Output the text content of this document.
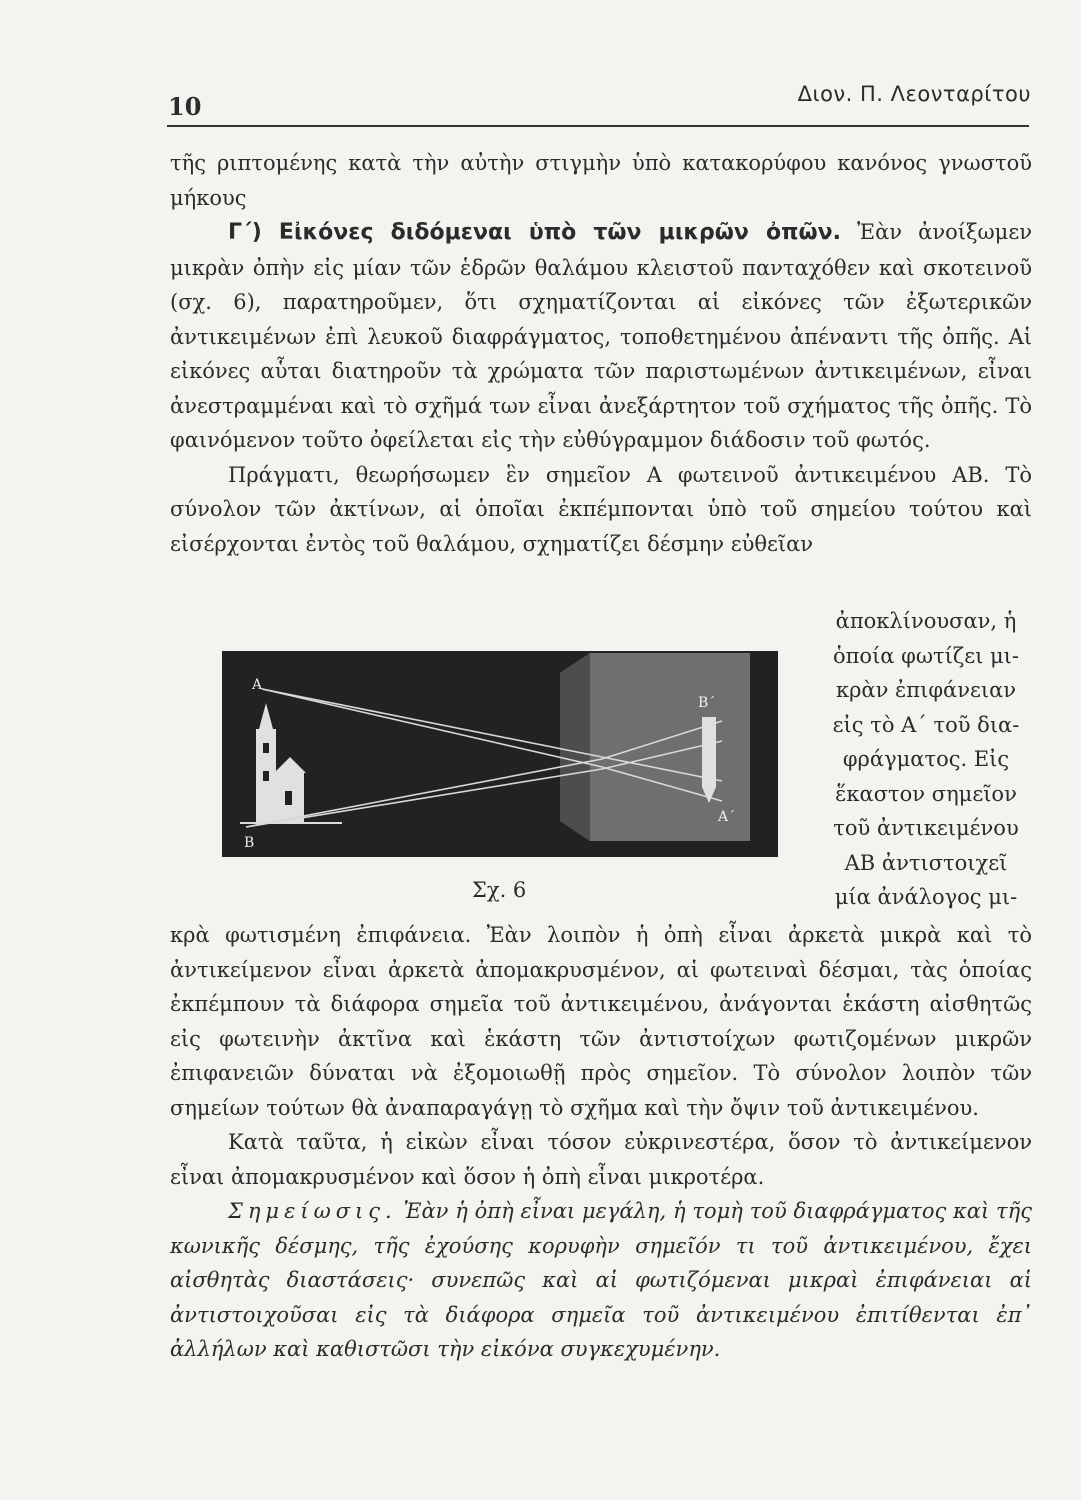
10	Διον. Π. Λεονταρίτου

τῆς ριπτομένης κατὰ τὴν αὐτὴν στιγμὴν ὑπὸ κατακορύφου κανόνος γνωστοῦ μήκους

Γ΄) Εἰκόνες διδόμεναι ὑπὸ τῶν μικρῶν ὀπῶν. Ἐὰν ἀνοίξωμεν μικρὰν ὀπὴν εἰς μίαν τῶν ἑδρῶν θαλάμου κλειστοῦ πανταχόθεν καὶ σκοτεινοῦ (σχ. 6), παρατηροῦμεν, ὅτι σχηματίζονται αἱ εἰκόνες τῶν ἐξωτερικῶν ἀντικειμένων ἐπὶ λευκοῦ διαφράγματος, τοποθετημένου ἀπέναντι τῆς ὀπῆς. Αἱ εἰκόνες αὗται διατηροῦν τὰ χρώματα τῶν παριστωμένων ἀντικειμένων, εἶναι ἀνεστραμμέναι καὶ τὸ σχῆμά των εἶναι ἀνεξάρτητον τοῦ σχήματος τῆς ὀπῆς. Τὸ φαινόμενον τοῦτο ὀφείλεται εἰς τὴν εὐθύγραμμον διάδοσιν τοῦ φωτός.

Πράγματι, θεωρήσωμεν ἓν σημεῖον Α φωτεινοῦ ἀντικειμένου ΑΒ. Τὸ σύνολον τῶν ἀκτίνων, αἱ ὁποῖαι ἐκπέμπονται ὑπὸ τοῦ σημείου τούτου καὶ εἰσέρχονται ἐντὸς τοῦ θαλάμου, σχηματίζει δέσμην εὐθεῖαν

ἀποκλίνουσαν, ἡ

ὁποία φωτίζει μι-

κρὰν ἐπιφάνειαν

εἰς τὸ Α΄ τοῦ δια-

φράγματος. Εἰς

ἕκαστον σημεῖον

τοῦ ἀντικειμένου

ΑΒ ἀντιστοιχεῖ

μία ἀνάλογος μι-

Α
Β
Β΄
Α΄
Σχ. 6

κρὰ φωτισμένη ἐπιφάνεια. Ἐὰν λοιπὸν ἡ ὀπὴ εἶναι ἀρκετὰ μικρὰ καὶ τὸ ἀντικείμενον εἶναι ἀρκετὰ ἀπομακρυσμένον, αἱ φωτειναὶ δέσμαι, τὰς ὁποίας ἐκπέμπουν τὰ διάφορα σημεῖα τοῦ ἀντικειμένου, ἀνάγονται ἑκάστη αἰσθητῶς εἰς φωτεινὴν ἀκτῖνα καὶ ἑκάστη τῶν ἀντιστοίχων φωτιζομένων μικρῶν ἐπιφανειῶν δύναται νὰ ἐξομοιωθῇ πρὸς σημεῖον. Τὸ σύνολον λοιπὸν τῶν σημείων τούτων θὰ ἀναπαραγάγῃ τὸ σχῆμα καὶ τὴν ὄψιν τοῦ ἀντικειμένου.

Κατὰ ταῦτα, ἡ εἰκὼν εἶναι τόσον εὐκρινεστέρα, ὅσον τὸ ἀντικείμενον εἶναι ἀπομακρυσμένον καὶ ὅσον ἡ ὀπὴ εἶναι μικροτέρα.

Σημείωσις. Ἐὰν ἡ ὀπὴ εἶναι μεγάλη, ἡ τομὴ τοῦ διαφράγματος καὶ τῆς κωνικῆς δέσμης, τῆς ἐχούσης κορυφὴν σημεῖόν τι τοῦ ἀντικειμένου, ἔχει αἰσθητὰς διαστάσεις· συνεπῶς καὶ αἱ φωτιζόμεναι μικραὶ ἐπιφάνειαι αἱ ἀντιστοιχοῦσαι εἰς τὰ διάφορα σημεῖα τοῦ ἀντικειμένου ἐπιτίθενται ἐπ᾽ ἀλλήλων καὶ καθιστῶσι τὴν εἰκόνα συγκεχυμένην.
